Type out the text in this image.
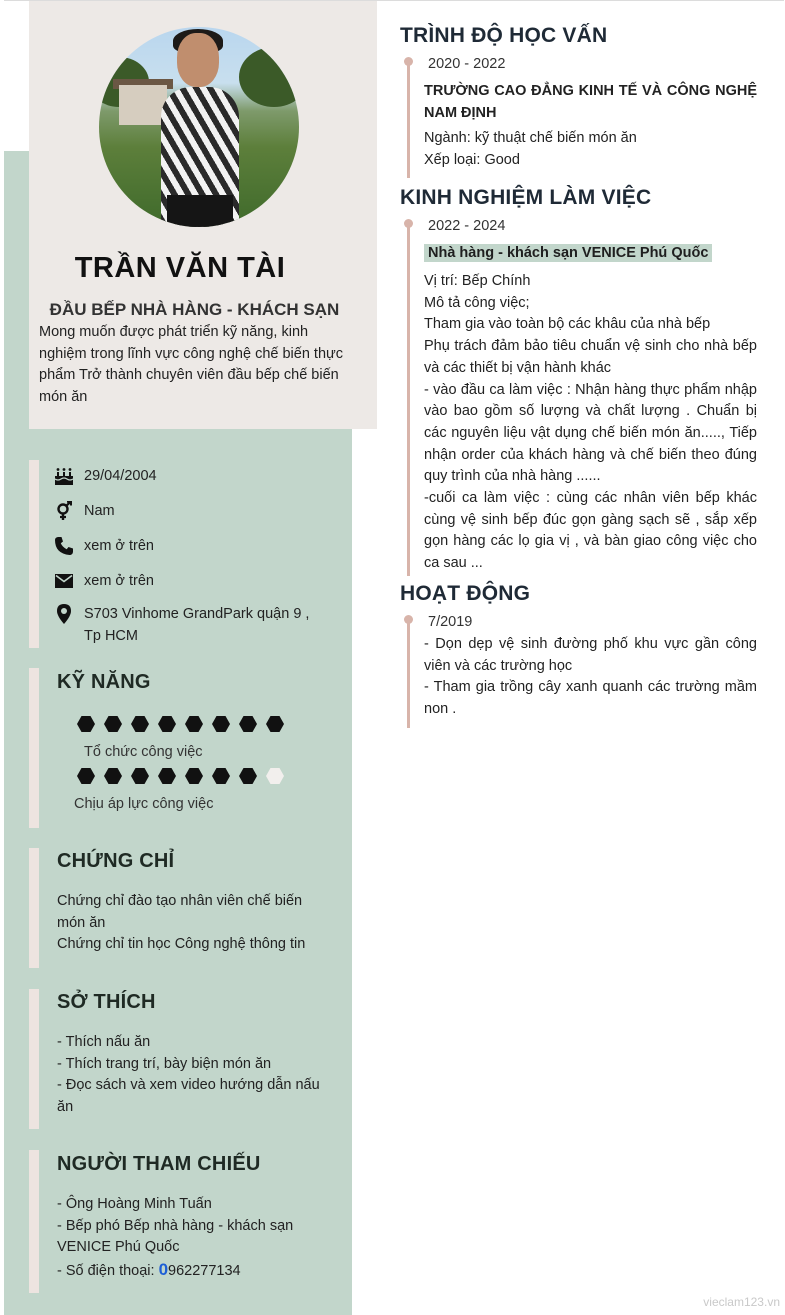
TRẦN VĂN TÀI
ĐẦU BẾP NHÀ HÀNG - KHÁCH SẠN
Mong muốn được phát triển kỹ năng, kinh nghiệm trong lĩnh vực công nghệ chế biến thực phẩm Trở thành chuyên viên đầu bếp chế biến món ăn
29/04/2004
Nam
xem ở trên
xem ở trên
S703 Vinhome GrandPark quận 9 , Tp HCM
KỸ NĂNG
Tổ chức công việc
Chịu áp lực công việc
CHỨNG CHỈ
Chứng chỉ đào tạo nhân viên chế biến món ăn
Chứng chỉ tin học Công nghệ thông tin
SỞ THÍCH
- Thích nấu ăn
- Thích trang trí, bày biện món ăn
- Đọc sách và xem video hướng dẫn nấu ăn
NGƯỜI THAM CHIẾU
- Ông Hoàng Minh Tuấn
- Bếp phó Bếp nhà hàng - khách sạn VENICE Phú Quốc
- Số điện thoại: 0962277134
TRÌNH ĐỘ HỌC VẤN
2020 - 2022
TRƯỜNG CAO ĐẲNG KINH TẾ VÀ CÔNG NGHỆ NAM ĐỊNH
Ngành: kỹ thuật chế biến món ăn
Xếp loại: Good
KINH NGHIỆM LÀM VIỆC
2022 - 2024
Nhà hàng - khách sạn VENICE Phú Quốc
Vị trí: Bếp Chính
Mô tả công việc;
Tham gia vào toàn bộ các khâu của nhà bếp
Phụ trách đảm bảo tiêu chuẩn vệ sinh cho nhà bếp và các thiết bị vận hành khác
- vào đầu ca làm việc : Nhận hàng thực phẩm nhập vào bao gồm số lượng và chất lượng . Chuẩn bị các nguyên liệu vật dụng chế biến món ăn....., Tiếp nhận order của khách hàng và chế biến theo đúng quy trình của nhà hàng ......
-cuối ca làm việc : cùng các nhân viên bếp khác cùng vệ sinh bếp đúc gọn gàng sạch sẽ , sắp xếp gọn hàng các lọ gia vị , và bàn giao công việc cho ca sau ...
HOẠT ĐỘNG
7/2019
- Dọn dẹp vệ sinh đường phố khu vực gần công viên và các trường học
- Tham gia trồng cây xanh quanh các trường mầm non .
vieclam123.vn
